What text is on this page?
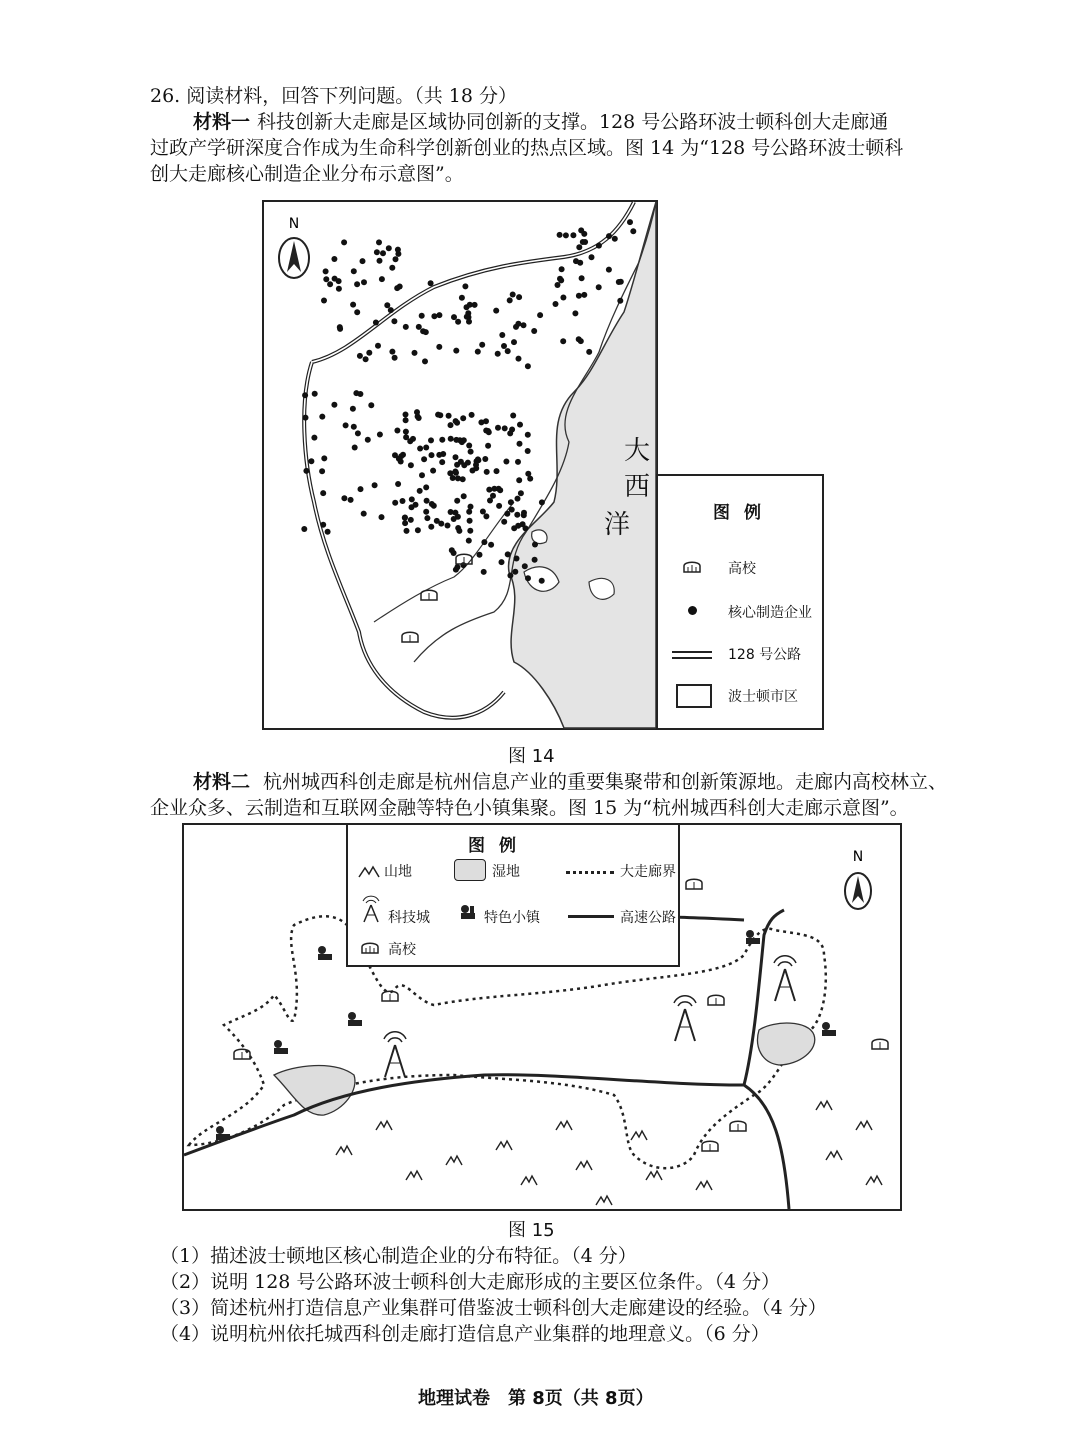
26. 阅读材料，回答下列问题。（共 18 分）
材料一 科技创新大走廊是区域协同创新的支撑。128 号公路环波士顿科创大走廊通
过政产学研深度合作成为生命科学创新创业的热点区域。图 14 为“128 号公路环波士顿科
创大走廊核心制造企业分布示意图”。
N
大
西
洋	图例
高校
核心制造企业
128 号公路
波士顿市区
图 14
材料二 杭州城西科创走廊是杭州信息产业的重要集聚带和创新策源地。走廊内高校林立、
企业众多、云制造和互联网金融等特色小镇集聚。图 15 为“杭州城西科创大走廊示意图”。
图例
山地	湿地	大走廊界
科技城	特色小镇	高速公路
高校
N
图 15
（1）描述波士顿地区核心制造企业的分布特征。（4 分）
（2）说明 128 号公路环波士顿科创大走廊形成的主要区位条件。（4 分）
（3）简述杭州打造信息产业集群可借鉴波士顿科创大走廊建设的经验。（4 分）
（4）说明杭州依托城西科创走廊打造信息产业集群的地理意义。（6 分）
地理试卷　第 8页（共 8页）
